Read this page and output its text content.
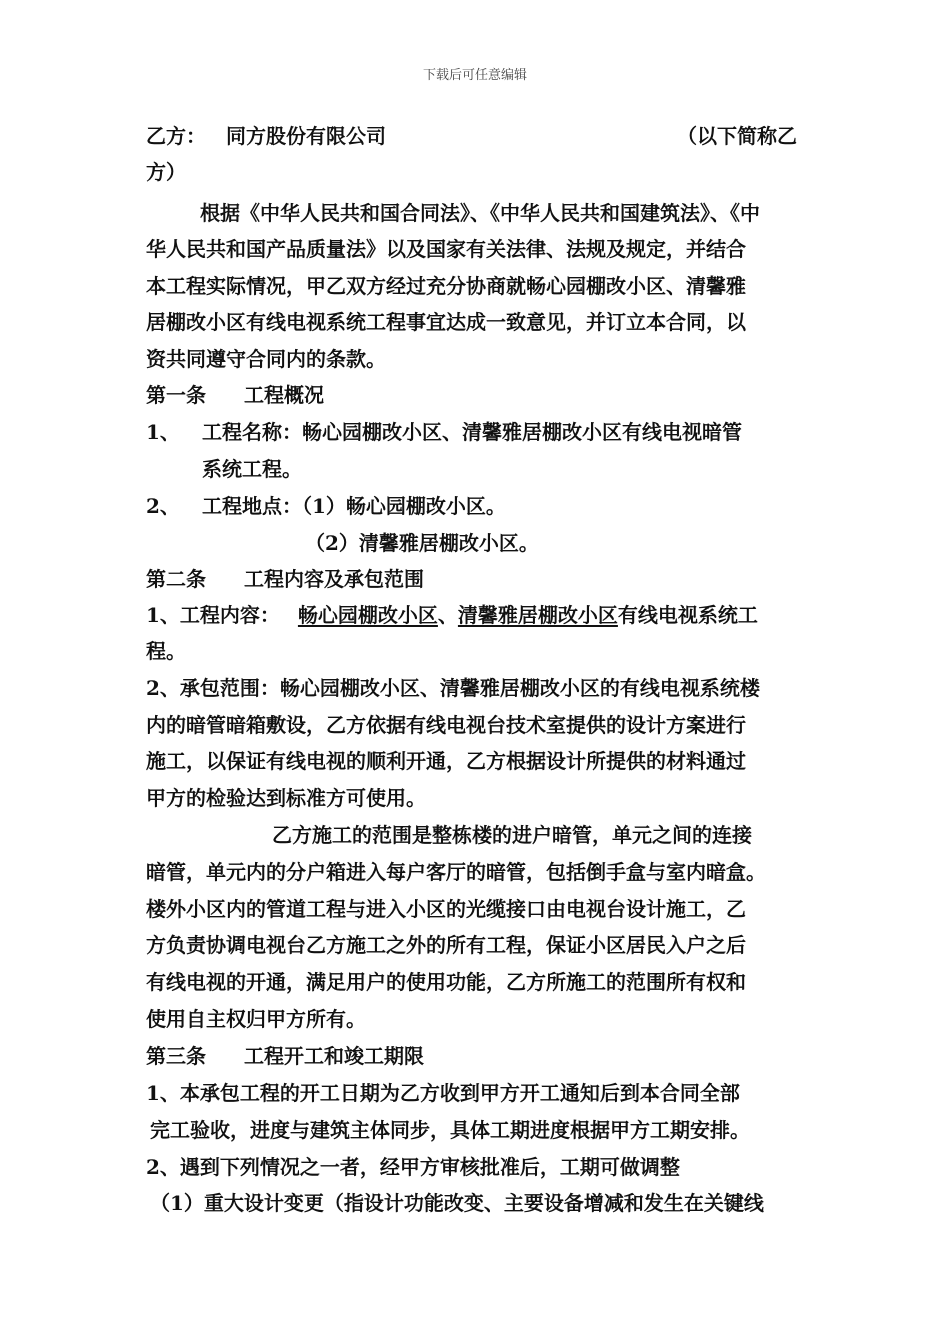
下载后可任意编辑
乙方： 同方股份有限公司	（以下简称乙
方）
根据《中华人民共和国合同法》、《中华人民共和国建筑法》、《中
华人民共和国产品质量法》以及国家有关法律、法规及规定，并结合
本工程实际情况，甲乙双方经过充分协商就畅心园棚改小区、清馨雅
居棚改小区有线电视系统工程事宜达成一致意见，并订立本合同，以
资共同遵守合同内的条款。
第一条 工程概况
1、 工程名称：畅心园棚改小区、清馨雅居棚改小区有线电视暗管
系统工程。
2、 工程地点：（1）畅心园棚改小区。
（2）清馨雅居棚改小区。
第二条 工程内容及承包范围
1、工程内容： 畅心园棚改小区、清馨雅居棚改小区有线电视系统工
程。
2、承包范围：畅心园棚改小区、清馨雅居棚改小区的有线电视系统楼
内的暗管暗箱敷设，乙方依据有线电视台技术室提供的设计方案进行
施工，以保证有线电视的顺利开通，乙方根据设计所提供的材料通过
甲方的检验达到标准方可使用。
乙方施工的范围是整栋楼的进户暗管，单元之间的连接
暗管，单元内的分户箱进入每户客厅的暗管，包括倒手盒与室内暗盒。
楼外小区内的管道工程与进入小区的光缆接口由电视台设计施工，乙
方负责协调电视台乙方施工之外的所有工程，保证小区居民入户之后
有线电视的开通，满足用户的使用功能，乙方所施工的范围所有权和
使用自主权归甲方所有。
第三条 工程开工和竣工期限
1、本承包工程的开工日期为乙方收到甲方开工通知后到本合同全部
完工验收，进度与建筑主体同步，具体工期进度根据甲方工期安排。
2、遇到下列情况之一者，经甲方审核批准后，工期可做调整
（1）重大设计变更（指设计功能改变、主要设备增减和发生在关键线
